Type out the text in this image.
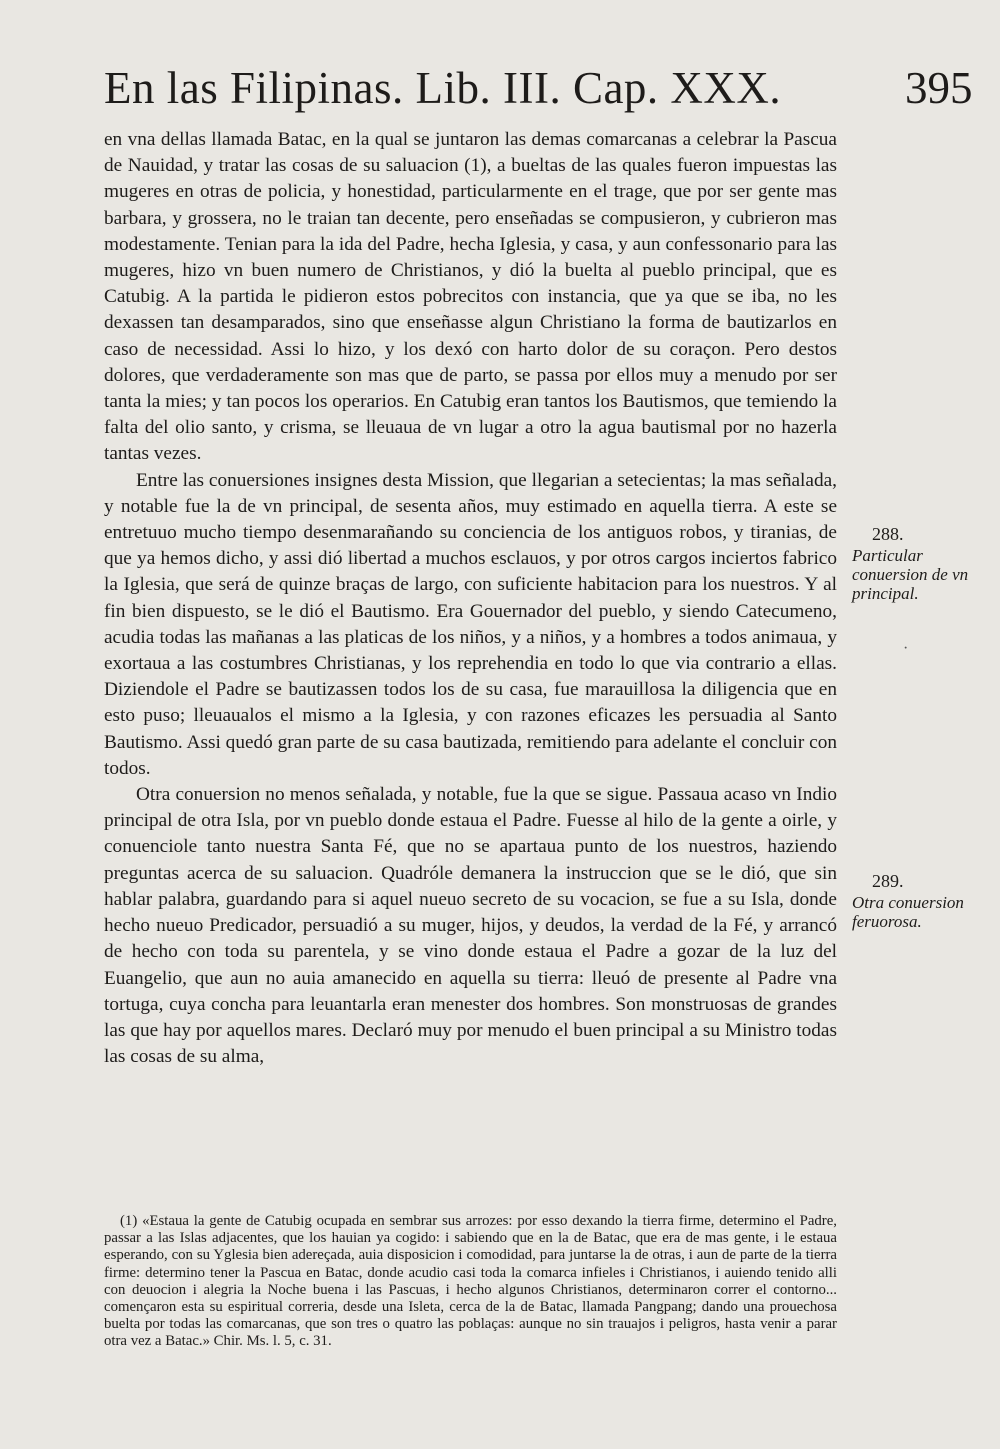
En las Filipinas. Lib. III. Cap. XXX.	395

en vna dellas llamada Batac, en la qual se juntaron las demas comarcanas a celebrar la Pascua de Nauidad, y tratar las cosas de su saluacion (1), a bueltas de las quales fueron impuestas las mugeres en otras de policia, y honestidad, particularmente en el trage, que por ser gente mas barbara, y grossera, no le traian tan decente, pero enseñadas se compusieron, y cubrieron mas modestamente. Tenian para la ida del Padre, hecha Iglesia, y casa, y aun confessonario para las mugeres, hizo vn buen numero de Christianos, y dió la buelta al pueblo principal, que es Catubig. A la partida le pidieron estos pobrecitos con instancia, que ya que se iba, no les dexassen tan desamparados, sino que enseñasse algun Christiano la forma de bautizarlos en caso de necessidad. Assi lo hizo, y los dexó con harto dolor de su coraçon. Pero destos dolores, que verdaderamente son mas que de parto, se passa por ellos muy a menudo por ser tanta la mies; y tan pocos los operarios. En Catubig eran tantos los Bautismos, que temiendo la falta del olio santo, y crisma, se lleuaua de vn lugar a otro la agua bautismal por no hazerla tantas vezes.

Entre las conuersiones insignes desta Mission, que llegarian a setecientas; la mas señalada, y notable fue la de vn principal, de sesenta años, muy estimado en aquella tierra. A este se entretuuo mucho tiempo desenmarañando su conciencia de los antiguos robos, y tiranias, de que ya hemos dicho, y assi dió libertad a muchos esclauos, y por otros cargos inciertos fabrico la Iglesia, que será de quinze braças de largo, con suficiente habitacion para los nuestros. Y al fin bien dispuesto, se le dió el Bautismo. Era Gouernador del pueblo, y siendo Catecumeno, acudia todas las mañanas a las platicas de los niños, y a niños, y a hombres a todos animaua, y exortaua a las costumbres Christianas, y los reprehendia en todo lo que via contrario a ellas. Diziendole el Padre se bautizassen todos los de su casa, fue marauillosa la diligencia que en esto puso; lleuaualos el mismo a la Iglesia, y con razones eficazes les persuadia al Santo Bautismo. Assi quedó gran parte de su casa bautizada, remitiendo para adelante el concluir con todos.

Otra conuersion no menos señalada, y notable, fue la que se sigue. Passaua acaso vn Indio principal de otra Isla, por vn pueblo donde estaua el Padre. Fuesse al hilo de la gente a oirle, y conuenciole tanto nuestra Santa Fé, que no se apartaua punto de los nuestros, haziendo preguntas acerca de su saluacion. Quadróle demanera la instruccion que se le dió, que sin hablar palabra, guardando para si aquel nueuo secreto de su vocacion, se fue a su Isla, donde hecho nueuo Predicador, persuadió a su muger, hijos, y deudos, la verdad de la Fé, y arrancó de hecho con toda su parentela, y se vino donde estaua el Padre a gozar de la luz del Euangelio, que aun no auia amanecido en aquella su tierra: lleuó de presente al Padre vna tortuga, cuya concha para leuantarla eran menester dos hombres. Son monstruosas de grandes las que hay por aquellos mares. Declaró muy por menudo el buen principal a su Ministro todas las cosas de su alma,

288.
Particular conuersion de vn principal.
289.
Otra conuersion feruorosa.

(1) «Estaua la gente de Catubig ocupada en sembrar sus arrozes: por esso dexando la tierra firme, determino el Padre, passar a las Islas adjacentes, que los hauian ya cogido: i sabiendo que en la de Batac, que era de mas gente, i le estaua esperando, con su Yglesia bien adereçada, auia disposicion i comodidad, para juntarse la de otras, i aun de parte de la tierra firme: determino tener la Pascua en Batac, donde acudio casi toda la comarca infieles i Christianos, i auiendo tenido alli con deuocion i alegria la Noche buena i las Pascuas, i hecho algunos Christianos, determinaron correr el contorno... començaron esta su espiritual correria, desde una Isleta, cerca de la de Batac, llamada Pangpang; dando una prouechosa buelta por todas las comarcanas, que son tres o quatro las poblaças: aunque no sin trauajos i peligros, hasta venir a parar otra vez a Batac.» Chir. Ms. l. 5, c. 31.

·
